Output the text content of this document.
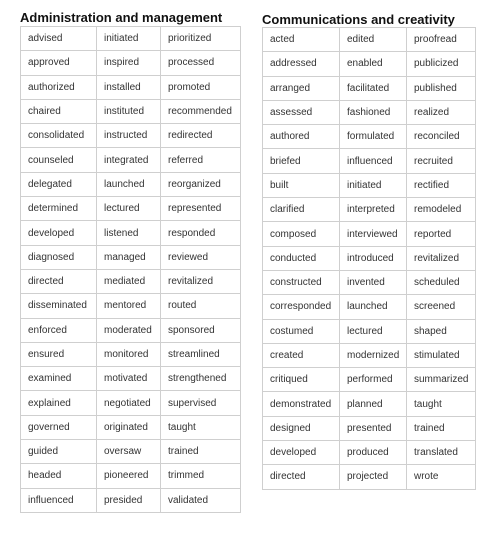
Administration and management
advised	initiated	prioritized
approved	inspired	processed
authorized	installed	promoted
chaired	instituted	recommended
consolidated	instructed	redirected
counseled	integrated	referred
delegated	launched	reorganized
determined	lectured	represented
developed	listened	responded
diagnosed	managed	reviewed
directed	mediated	revitalized
disseminated	mentored	routed
enforced	moderated	sponsored
ensured	monitored	streamlined
examined	motivated	strengthened
explained	negotiated	supervised
governed	originated	taught
guided	oversaw	trained
headed	pioneered	trimmed
influenced	presided	validated
Communications and creativity
acted	edited	proofread
addressed	enabled	publicized
arranged	facilitated	published
assessed	fashioned	realized
authored	formulated	reconciled
briefed	influenced	recruited
built	initiated	rectified
clarified	interpreted	remodeled
composed	interviewed	reported
conducted	introduced	revitalized
constructed	invented	scheduled
corresponded	launched	screened
costumed	lectured	shaped
created	modernized	stimulated
critiqued	performed	summarized
demonstrated	planned	taught
designed	presented	trained
developed	produced	translated
directed	projected	wrote
